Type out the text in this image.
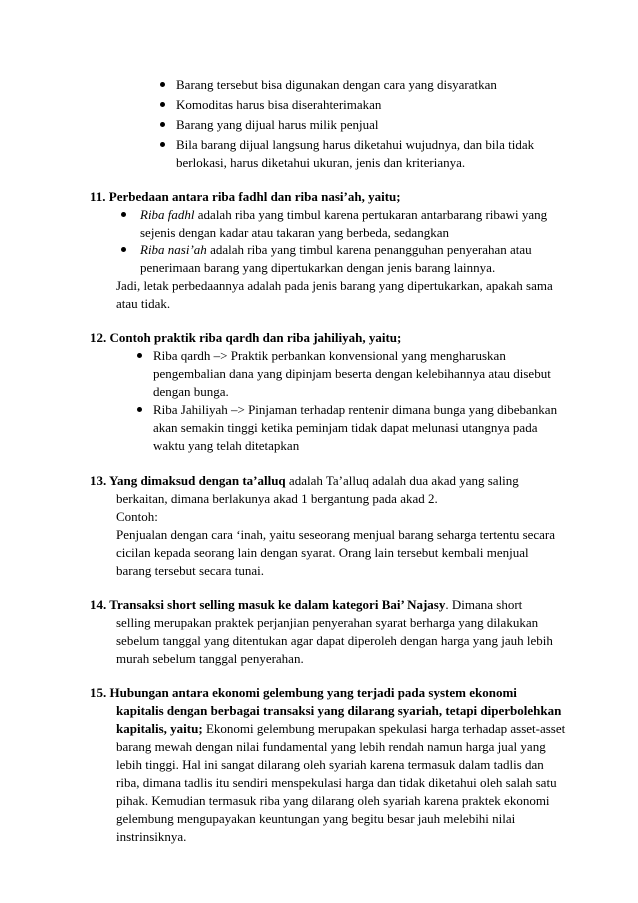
Barang tersebut bisa digunakan dengan cara yang disyaratkan
Komoditas harus bisa diserahterimakan
Barang yang dijual harus milik penjual
Bila barang dijual langsung harus diketahui wujudnya, dan bila tidak
berlokasi, harus diketahui ukuran, jenis dan kriterianya.
11. Perbedaan antara riba fadhl dan riba nasi’ah, yaitu;
Riba fadhl adalah riba yang timbul karena pertukaran antarbarang ribawi yang
sejenis dengan kadar atau takaran yang berbeda, sedangkan
Riba nasi’ah adalah riba yang timbul karena penangguhan penyerahan atau
penerimaan barang yang dipertukarkan dengan jenis barang lainnya.
Jadi, letak perbedaannya adalah pada jenis barang yang dipertukarkan, apakah sama
atau tidak.
12. Contoh praktik riba qardh dan riba jahiliyah, yaitu;
Riba qardh –> Praktik perbankan konvensional yang mengharuskan
pengembalian dana yang dipinjam beserta dengan kelebihannya atau disebut
dengan bunga.
Riba Jahiliyah –> Pinjaman terhadap rentenir dimana bunga yang dibebankan
akan semakin tinggi ketika peminjam tidak dapat melunasi utangnya pada
waktu yang telah ditetapkan
13. Yang dimaksud dengan ta’alluq adalah Ta’alluq adalah dua akad yang saling
berkaitan, dimana berlakunya akad 1 bergantung pada akad 2.
Contoh:
Penjualan dengan cara ‘inah, yaitu seseorang menjual barang seharga tertentu secara
cicilan kepada seorang lain dengan syarat. Orang lain tersebut kembali menjual
barang tersebut secara tunai.
14. Transaksi short selling masuk ke dalam kategori Bai’ Najasy. Dimana short
selling merupakan praktek perjanjian penyerahan syarat berharga yang dilakukan
sebelum tanggal yang ditentukan agar dapat diperoleh dengan harga yang jauh lebih
murah sebelum tanggal penyerahan.
15. Hubungan antara ekonomi gelembung yang terjadi pada system ekonomi
kapitalis dengan berbagai transaksi yang dilarang syariah, tetapi diperbolehkan
kapitalis, yaitu; Ekonomi gelembung merupakan spekulasi harga terhadap asset-asset
barang mewah dengan nilai fundamental yang lebih rendah namun harga jual yang
lebih tinggi. Hal ini sangat dilarang oleh syariah karena termasuk dalam tadlis dan
riba, dimana tadlis itu sendiri menspekulasi harga dan tidak diketahui oleh salah satu
pihak. Kemudian termasuk riba yang dilarang oleh syariah karena praktek ekonomi
gelembung mengupayakan keuntungan yang begitu besar jauh melebihi nilai
instrinsiknya.
